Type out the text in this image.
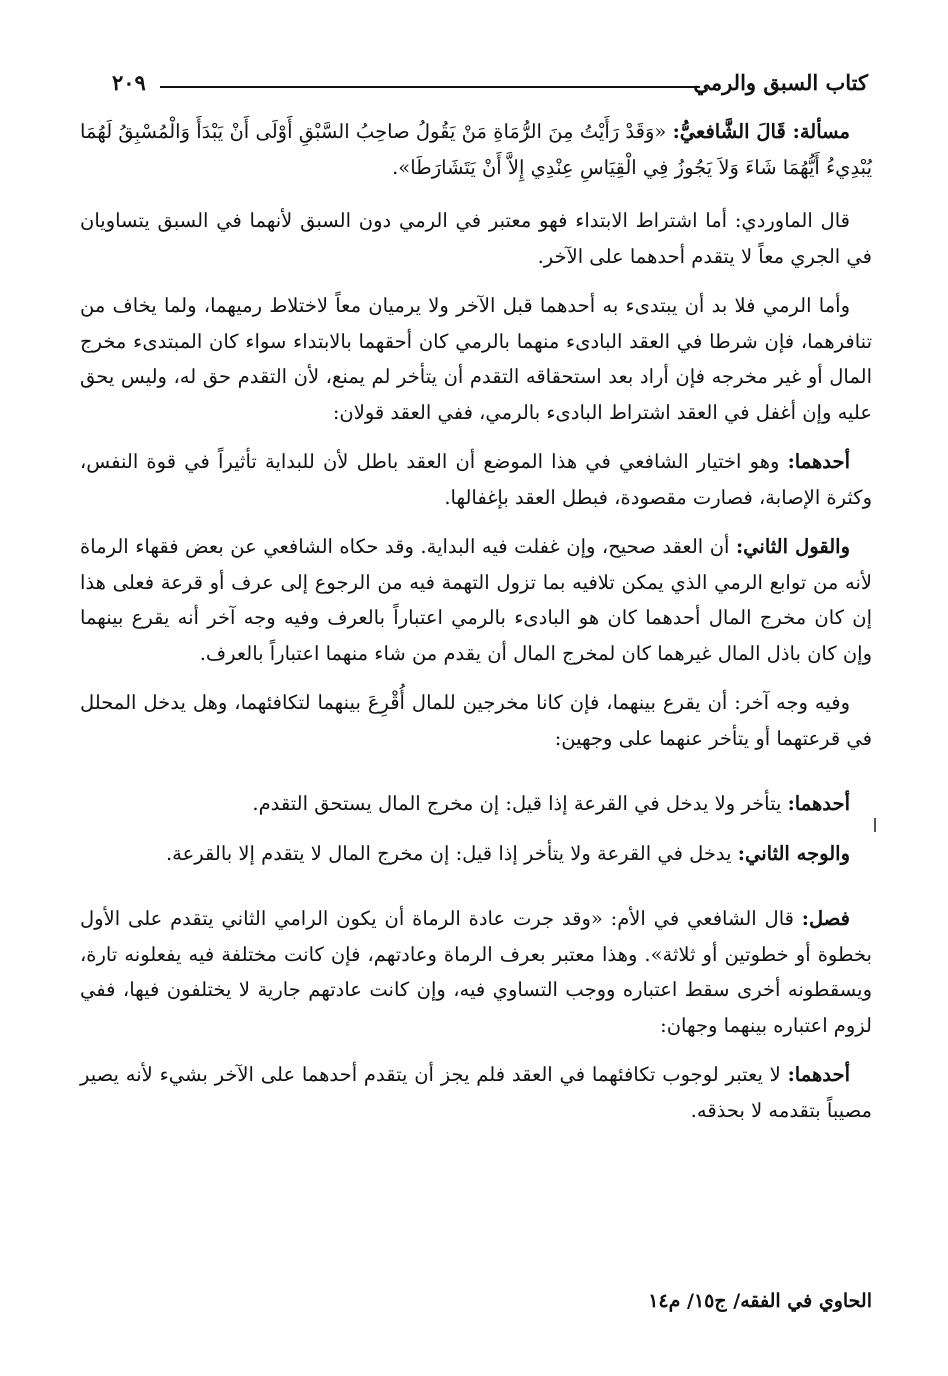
كتاب السبق والرمي
٢٠٩

مسألة: قَالَ الشَّافعيُّ: «وَقَدْ رَأَيْتُ مِنَ الرُّمَاةِ مَنْ يَقُولُ صاحِبُ السَّبْقِ أَوْلَى أَنْ يَبْدَأَ وَالْمُسْبِقُ لَهُمَا يُبْدِيءُ أَيُّهُمَا شَاءَ وَلاَ يَجُوزُ فِي الْقِيَاسِ عِنْدِي إِلاَّ أَنْ يَتَشَارَطَا».

قال الماوردي: أما اشتراط الابتداء فهو معتبر في الرمي دون السبق لأنهما في السبق يتساويان في الجري معاً لا يتقدم أحدهما على الآخر.

وأما الرمي فلا بد أن يبتدىء به أحدهما قبل الآخر ولا يرميان معاً لاختلاط رميهما، ولما يخاف من تنافرهما، فإن شرطا في العقد البادىء منهما بالرمي كان أحقهما بالابتداء سواء كان المبتدىء مخرج المال أو غير مخرجه فإن أراد بعد استحقاقه التقدم أن يتأخر لم يمنع، لأن التقدم حق له، وليس يحق عليه وإن أغفل في العقد اشتراط البادىء بالرمي، ففي العقد قولان:

أحدهما: وهو اختيار الشافعي في هذا الموضع أن العقد باطل لأن للبداية تأثيراً في قوة النفس، وكثرة الإصابة، فصارت مقصودة، فبطل العقد بإغفالها.

والقول الثاني: أن العقد صحيح، وإن غفلت فيه البداية. وقد حكاه الشافعي عن بعض فقهاء الرماة لأنه من توابع الرمي الذي يمكن تلافيه بما تزول التهمة فيه من الرجوع إلى عرف أو قرعة فعلى هذا إن كان مخرج المال أحدهما كان هو البادىء بالرمي اعتباراً بالعرف وفيه وجه آخر أنه يقرع بينهما وإن كان باذل المال غيرهما كان لمخرج المال أن يقدم من شاء منهما اعتباراً بالعرف.

وفيه وجه آخر: أن يقرع بينهما، فإن كانا مخرجين للمال أُقْرِعَ بينهما لتكافئهما، وهل يدخل المحلل في قرعتهما أو يتأخر عنهما على وجهين:

أحدهما: يتأخر ولا يدخل في القرعة إذا قيل: إن مخرج المال يستحق التقدم.

والوجه الثاني: يدخل في القرعة ولا يتأخر إذا قيل: إن مخرج المال لا يتقدم إلا بالقرعة.

فصل: قال الشافعي في الأم: «وقد جرت عادة الرماة أن يكون الرامي الثاني يتقدم على الأول بخطوة أو خطوتين أو ثلاثة». وهذا معتبر بعرف الرماة وعادتهم، فإن كانت مختلفة فيه يفعلونه تارة، ويسقطونه أخرى سقط اعتباره ووجب التساوي فيه، وإن كانت عادتهم جارية لا يختلفون فيها، ففي لزوم اعتباره بينهما وجهان:

أحدهما: لا يعتبر لوجوب تكافئهما في العقد فلم يجز أن يتقدم أحدهما على الآخر بشيء لأنه يصير مصيباً بتقدمه لا بحذقه.

الحاوي في الفقه/ ج١٥/ م١٤
